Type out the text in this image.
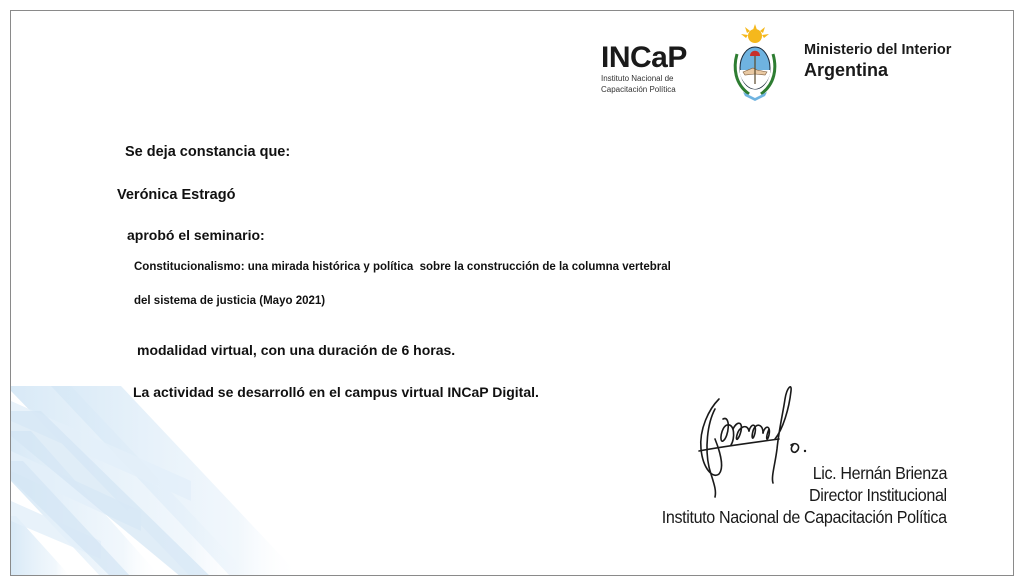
INCaP
Instituto Nacional de
Capacitación Política
Ministerio del Interior
Argentina
Se deja constancia que:
Verónica Estragó
aprobó el seminario:
Constitucionalismo: una mirada histórica y política  sobre la construcción de la columna vertebral
del sistema de justicia (Mayo 2021)
modalidad virtual, con una duración de 6 horas.
La actividad se desarrolló en el campus virtual INCaP Digital.
Lic. Hernán Brienza
Director Institucional
Instituto Nacional de Capacitación Política
